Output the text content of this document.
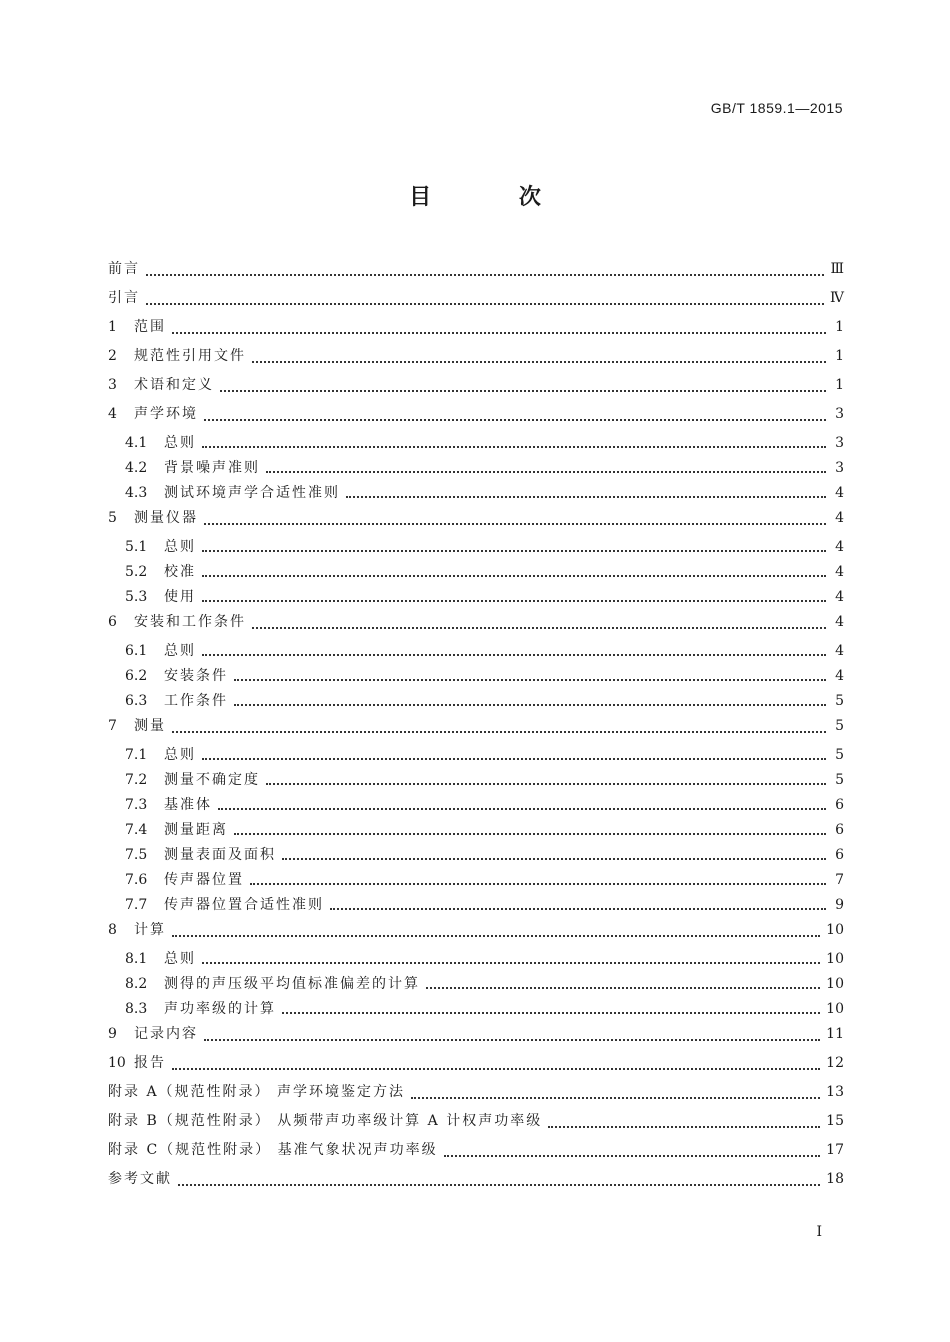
GB/T 1859.1—2015
目 次
前言	Ⅲ
引言	Ⅳ
1	范围	1
2	规范性引用文件	1
3	术语和定义	1
4	声学环境	3
4.1	总则	3
4.2	背景噪声准则	3
4.3	测试环境声学合适性准则	4
5	测量仪器	4
5.1	总则	4
5.2	校准	4
5.3	使用	4
6	安装和工作条件	4
6.1	总则	4
6.2	安装条件	4
6.3	工作条件	5
7	测量	5
7.1	总则	5
7.2	测量不确定度	5
7.3	基准体	6
7.4	测量距离	6
7.5	测量表面及面积	6
7.6	传声器位置	7
7.7	传声器位置合适性准则	9
8	计算	10
8.1	总则	10
8.2	测得的声压级平均值标准偏差的计算	10
8.3	声功率级的计算	10
9	记录内容	11
10 报告	12
附录 A（规范性附录） 声学环境鉴定方法	13
附录 B（规范性附录） 从频带声功率级计算 A 计权声功率级	15
附录 C（规范性附录） 基准气象状况声功率级	17
参考文献	18
I
